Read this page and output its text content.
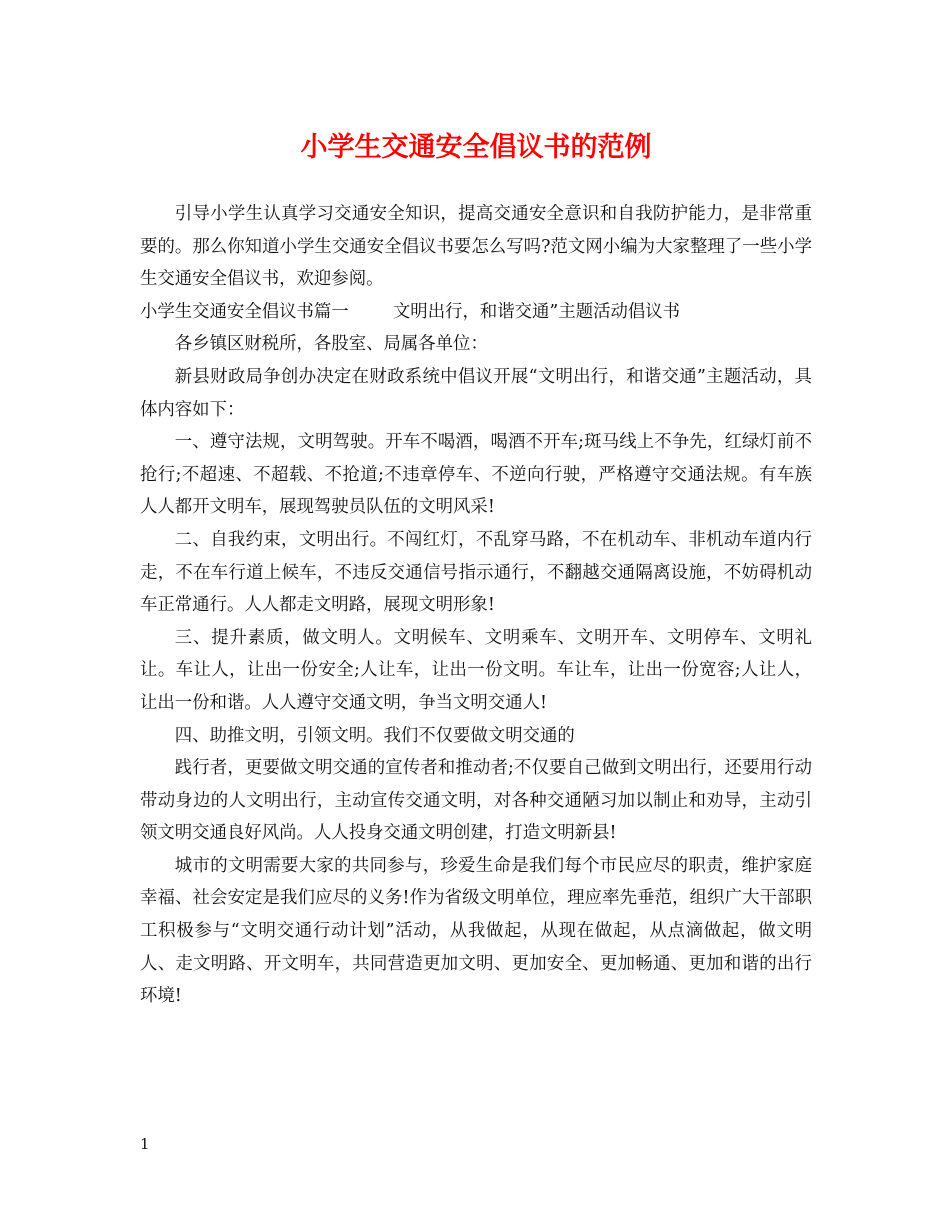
小学生交通安全倡议书的范例

引导小学生认真学习交通安全知识，提高交通安全意识和自我防护能力，是非常重要的。那么你知道小学生交通安全倡议书要怎么写吗?范文网小编为大家整理了一些小学生交通安全倡议书，欢迎参阅。

小学生交通安全倡议书篇一        文明出行，和谐交通”主题活动倡议书

各乡镇区财税所，各股室、局属各单位：

新县财政局争创办决定在财政系统中倡议开展“文明出行，和谐交通”主题活动，具体内容如下：

一、遵守法规，文明驾驶。开车不喝酒，喝酒不开车;斑马线上不争先，红绿灯前不抢行;不超速、不超载、不抢道;不违章停车、不逆向行驶，严格遵守交通法规。有车族人人都开文明车，展现驾驶员队伍的文明风采!

二、自我约束，文明出行。不闯红灯，不乱穿马路，不在机动车、非机动车道内行走，不在车行道上候车，不违反交通信号指示通行，不翻越交通隔离设施，不妨碍机动车正常通行。人人都走文明路，展现文明形象!

三、提升素质，做文明人。文明候车、文明乘车、文明开车、文明停车、文明礼让。车让人，让出一份安全;人让车，让出一份文明。车让车，让出一份宽容;人让人，让出一份和谐。人人遵守交通文明，争当文明交通人!

四、助推文明，引领文明。我们不仅要做文明交通的

践行者，更要做文明交通的宣传者和推动者;不仅要自己做到文明出行，还要用行动带动身边的人文明出行，主动宣传交通文明，对各种交通陋习加以制止和劝导，主动引领文明交通良好风尚。人人投身交通文明创建，打造文明新县!

城市的文明需要大家的共同参与，珍爱生命是我们每个市民应尽的职责，维护家庭幸福、社会安定是我们应尽的义务!作为省级文明单位，理应率先垂范，组织广大干部职工积极参与“文明交通行动计划”活动，从我做起，从现在做起，从点滴做起，做文明人、走文明路、开文明车，共同营造更加文明、更加安全、更加畅通、更加和谐的出行环境!

1
